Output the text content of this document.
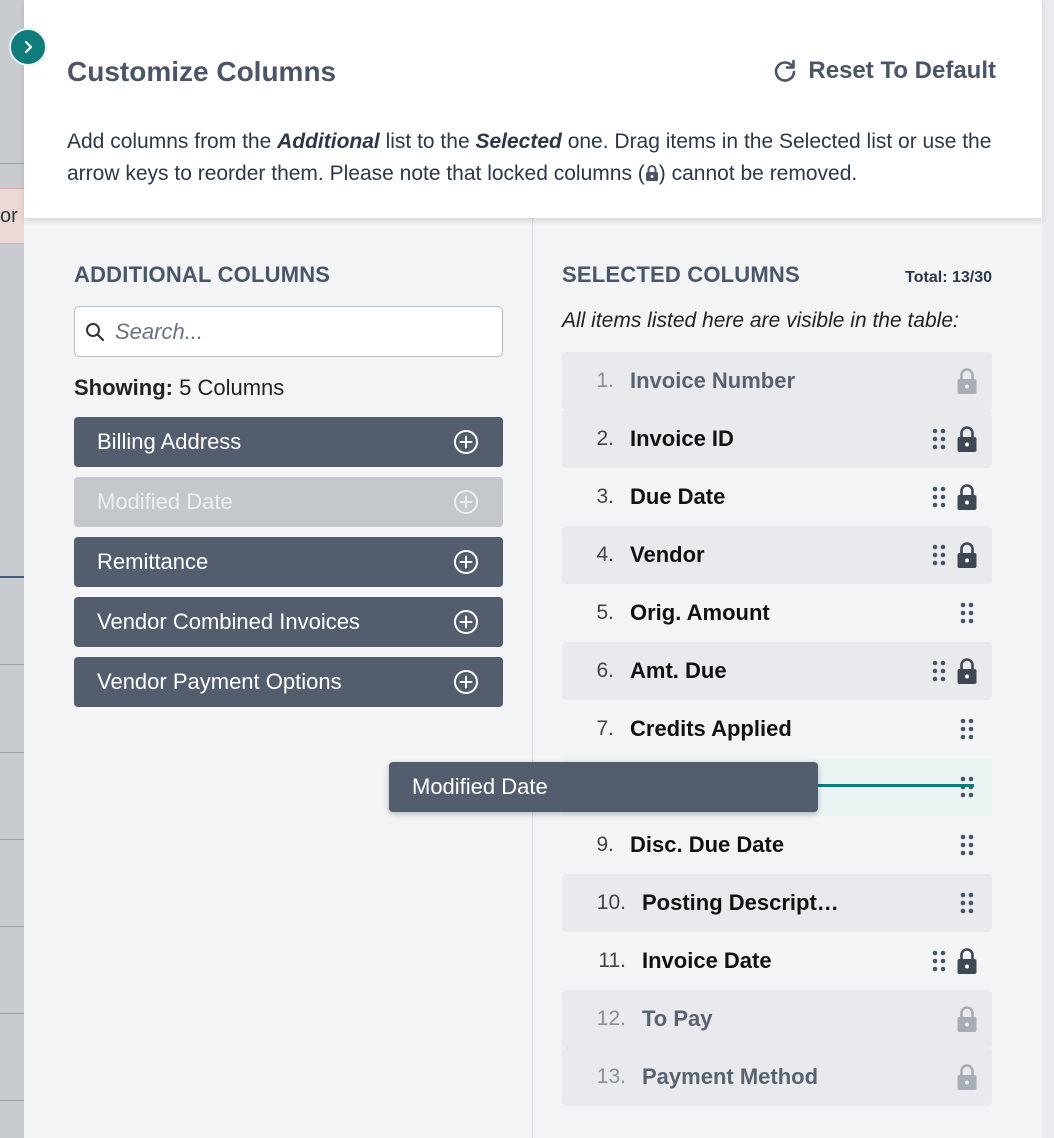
or
Customize Columns	Reset To Default

Add columns from the Additional list to the Selected one. Drag items in the Selected list or use the arrow keys to reorder them. Please note that locked columns ( ) cannot be removed.

ADDITIONAL COLUMNS
Search...

Showing: 5 Columns

Billing Address
Modified Date
Remittance
Vendor Combined Invoices
Vendor Payment Options
SELECTED COLUMNS	Total: 13/30

All items listed here are visible in the table:

1. Invoice Number
2. Invoice ID
3. Due Date
4. Vendor
5. Orig. Amount
6. Amt. Due
7. Credits Applied
9. Disc. Due Date
10. Posting Descript…
11. Invoice Date
12. To Pay
13. Payment Method
Modified Date
